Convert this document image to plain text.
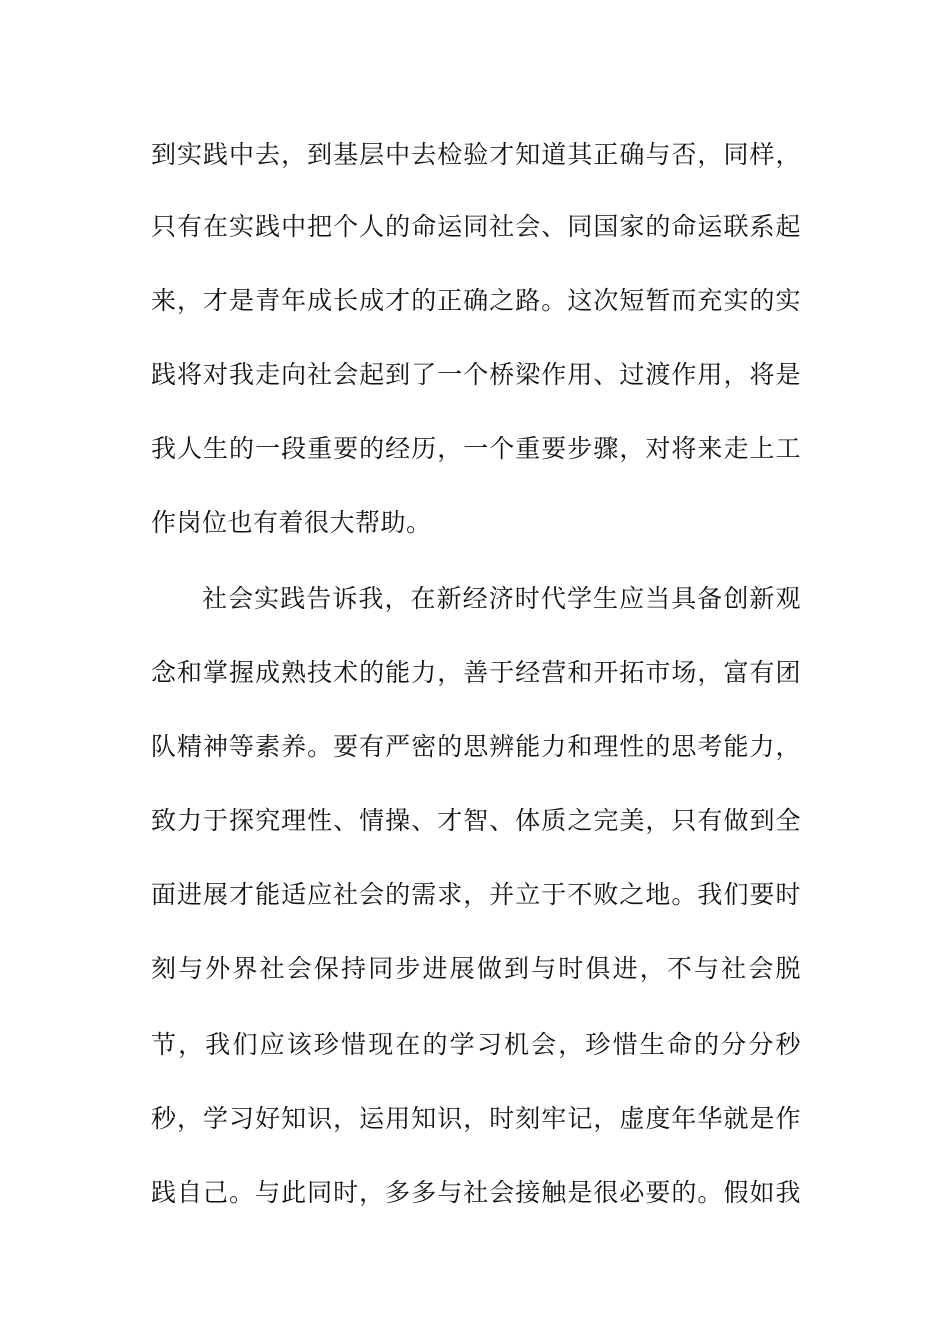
到实践中去，到基层中去检验才知道其正确与否，同样，
只有在实践中把个人的命运同社会、同国家的命运联系起
来，才是青年成长成才的正确之路。这次短暂而充实的实
践将对我走向社会起到了一个桥梁作用、过渡作用，将是
我人生的一段重要的经历，一个重要步骤，对将来走上工
作岗位也有着很大帮助。
社会实践告诉我，在新经济时代学生应当具备创新观
念和掌握成熟技术的能力，善于经营和开拓市场，富有团
队精神等素养。要有严密的思辨能力和理性的思考能力，
致力于探究理性、情操、才智、体质之完美，只有做到全
面进展才能适应社会的需求，并立于不败之地。我们要时
刻与外界社会保持同步进展做到与时俱进，不与社会脱
节，我们应该珍惜现在的学习机会，珍惜生命的分分秒
秒，学习好知识，运用知识，时刻牢记，虚度年华就是作
践自己。与此同时，多多与社会接触是很必要的。假如我
